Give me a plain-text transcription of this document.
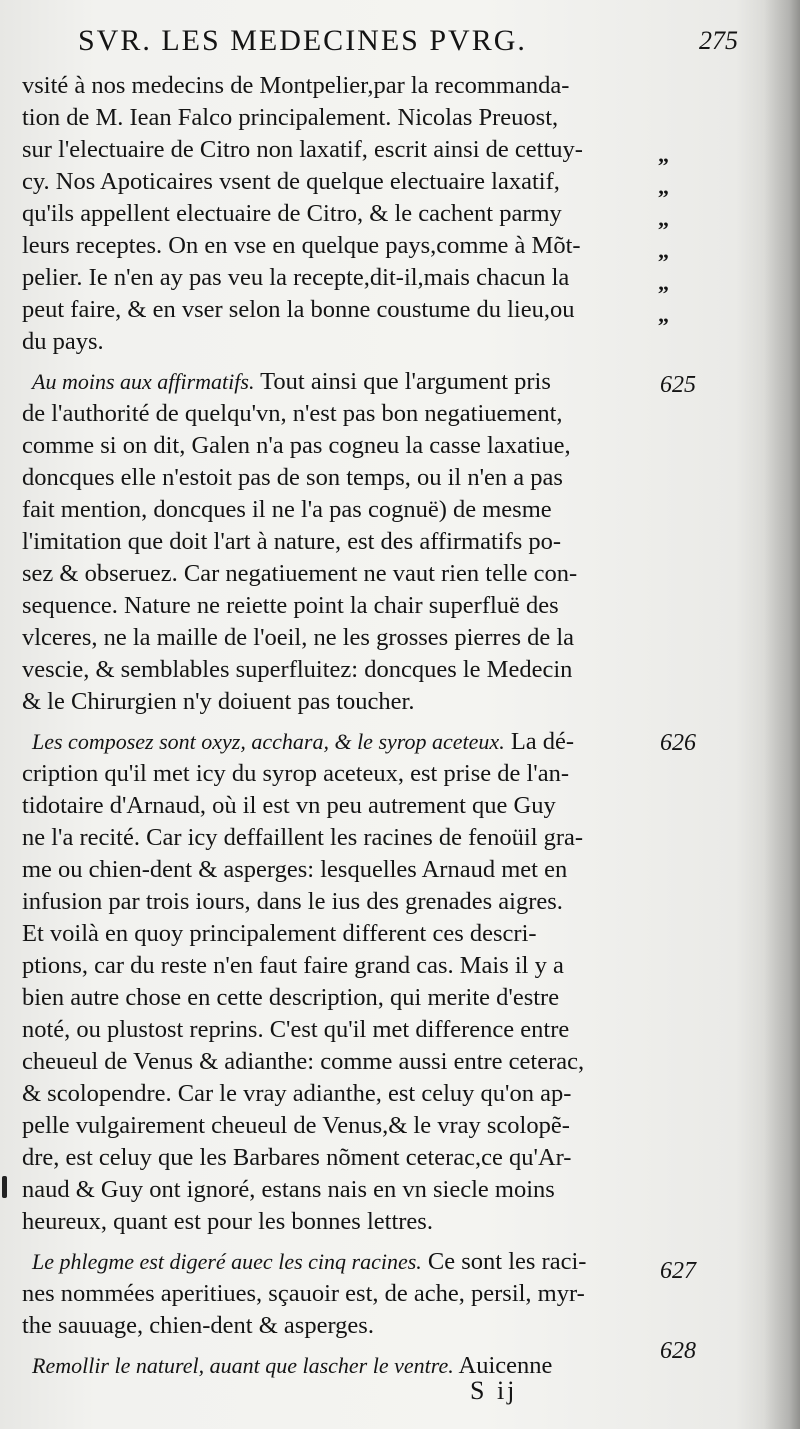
SVR. LES MEDECINES PVRG.	275
vsité à nos medecins de Montpelier,par la recommanda-
tion de M. Iean Falco principalement. Nicolas Preuost,
sur l'electuaire de Citro non laxatif, escrit ainsi de cettuy-
cy. Nos Apoticaires vsent de quelque electuaire laxatif,
qu'ils appellent electuaire de Citro, & le cachent parmy
leurs receptes. On en vse en quelque pays,comme à Mõt-
pelier. Ie n'en ay pas veu la recepte,dit-il,mais chacun la
peut faire, & en vser selon la bonne coustume du lieu,ou
du pays.
Au moins aux affirmatifs. Tout ainsi que l'argument pris
de l'authorité de quelqu'vn, n'est pas bon negatiuement,
comme si on dit, Galen n'a pas cogneu la casse laxatiue,
doncques elle n'estoit pas de son temps, ou il n'en a pas
fait mention, doncques il ne l'a pas cognuë) de mesme
l'imitation que doit l'art à nature, est des affirmatifs po-
sez & obseruez. Car negatiuement ne vaut rien telle con-
sequence. Nature ne reiette point la chair superfluë des
vlceres, ne la maille de l'oeil, ne les grosses pierres de la
vescie, & semblables superfluitez: doncques le Medecin
& le Chirurgien n'y doiuent pas toucher.
Les composez sont oxyz, acchara, & le syrop aceteux. La dé-
cription qu'il met icy du syrop aceteux, est prise de l'an-
tidotaire d'Arnaud, où il est vn peu autrement que Guy
ne l'a recité. Car icy deffaillent les racines de fenoüil gra-
me ou chien-dent & asperges: lesquelles Arnaud met en
infusion par trois iours, dans le ius des grenades aigres.
Et voilà en quoy principalement different ces descri-
ptions, car du reste n'en faut faire grand cas. Mais il y a
bien autre chose en cette description, qui merite d'estre
noté, ou plustost reprins. C'est qu'il met difference entre
cheueul de Venus & adianthe: comme aussi entre ceterac,
& scolopendre. Car le vray adianthe, est celuy qu'on ap-
pelle vulgairement cheueul de Venus,& le vray scolopẽ-
dre, est celuy que les Barbares nõment ceterac,ce qu'Ar-
naud & Guy ont ignoré, estans nais en vn siecle moins
heureux, quant est pour les bonnes lettres.
Le phlegme est digeré auec les cinq racines. Ce sont les raci-
nes nommées aperitiues, sçauoir est, de ache, persil, myr-
the sauuage, chien-dent & asperges.
Remollir le naturel, auant que lascher le ventre. Auicenne
„
„
„
„
„
„
625
626
627
628
S ij
